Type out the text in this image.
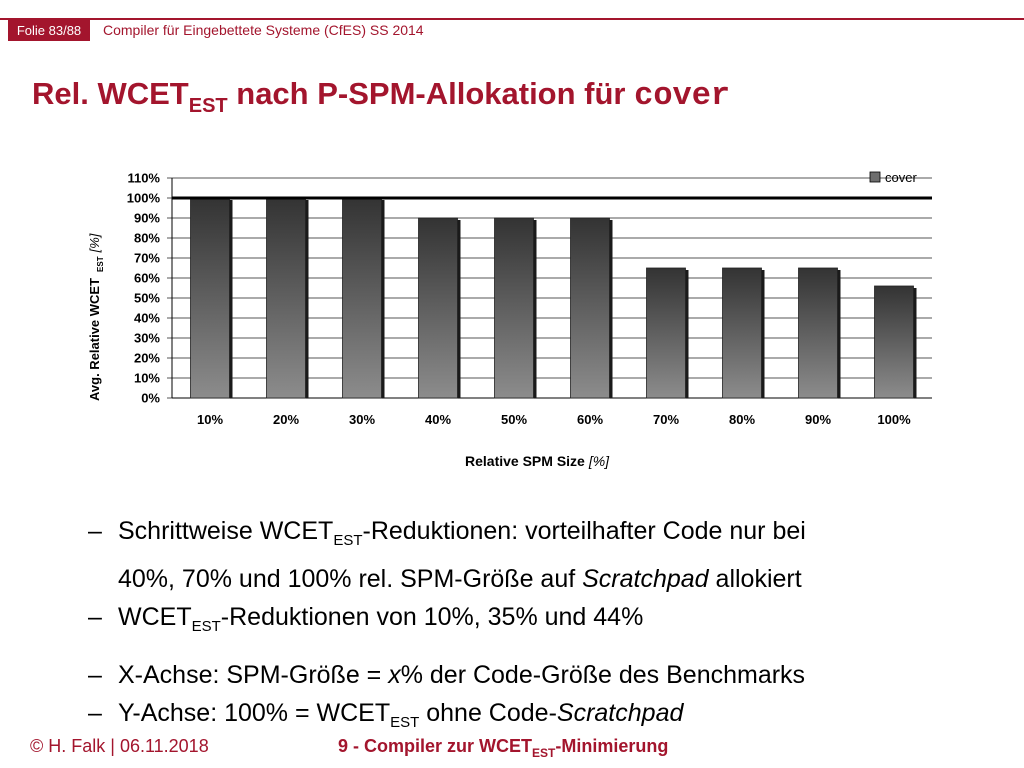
Folie 83/88	Compiler für Eingebettete Systeme (CfES) SS 2014
Rel. $WCET_{EST}$ nach P-SPM-Allokation für cover
0%
10%
20%
30%
40%
50%
60%
70%
80%
90%
100%
110%
10%	20%	30%	40%	50%	60%	70%	80%	90%	100%
cover
Avg. Relative $WCET_{EST}[\%]$
Relative SPM Size [%]
– Schrittweise $WCET_{EST}$-Reduktionen: vorteilhafter Code nur bei
40%, 70% und 100% rel. SPM-Größe auf Scratchpad allokiert
– $WCET_{EST}$-Reduktionen von 10%, 35% und 44%
– X-Achse: SPM-Größe = x% der Code-Größe des Benchmarks
– Y-Achse: $100\% = WCET_{EST}$ ohne Code-Scratchpad
© H. Falk | 06.11.2018	9 - Compiler zur $WCET_{EST}$-Minimierung
